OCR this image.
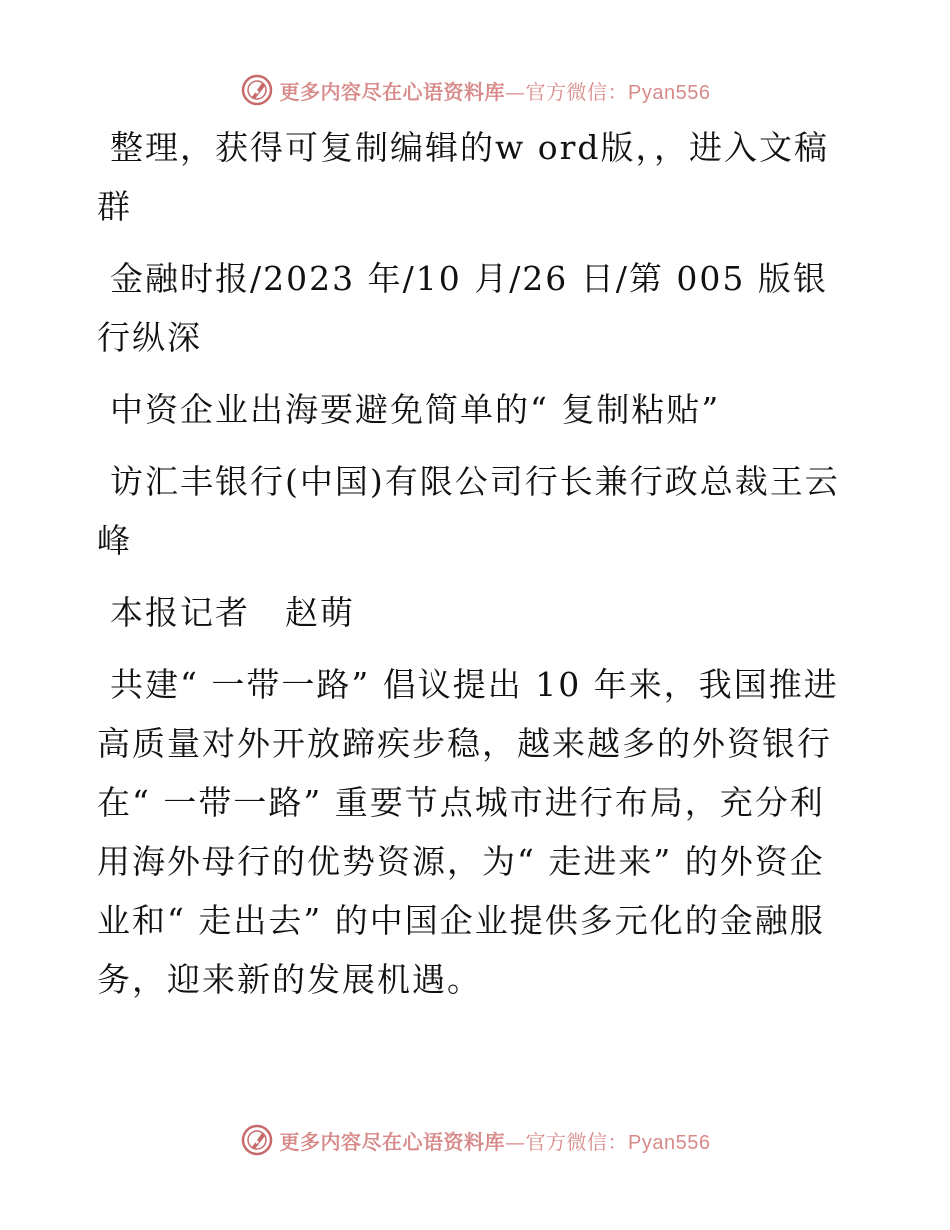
更多内容尽在心语资料库—官方微信：Pyan556

整理，获得可复制编辑的w ord版，，进入文稿群

金融时报/2023 年/10 月/26 日/第 005 版银行纵深

中资企业出海要避免简单的“ 复制粘贴”

访汇丰银行(中国)有限公司行长兼行政总裁王云峰

本报记者　赵萌

共建“ 一带一路” 倡议提出 10 年来，我国推进高质量对外开放蹄疾步稳，越来越多的外资银行在“ 一带一路” 重要节点城市进行布局，充分利用海外母行的优势资源，为“ 走进来” 的外资企业和“ 走出去” 的中国企业提供多元化的金融服务，迎来新的发展机遇。

更多内容尽在心语资料库—官方微信：Pyan556
